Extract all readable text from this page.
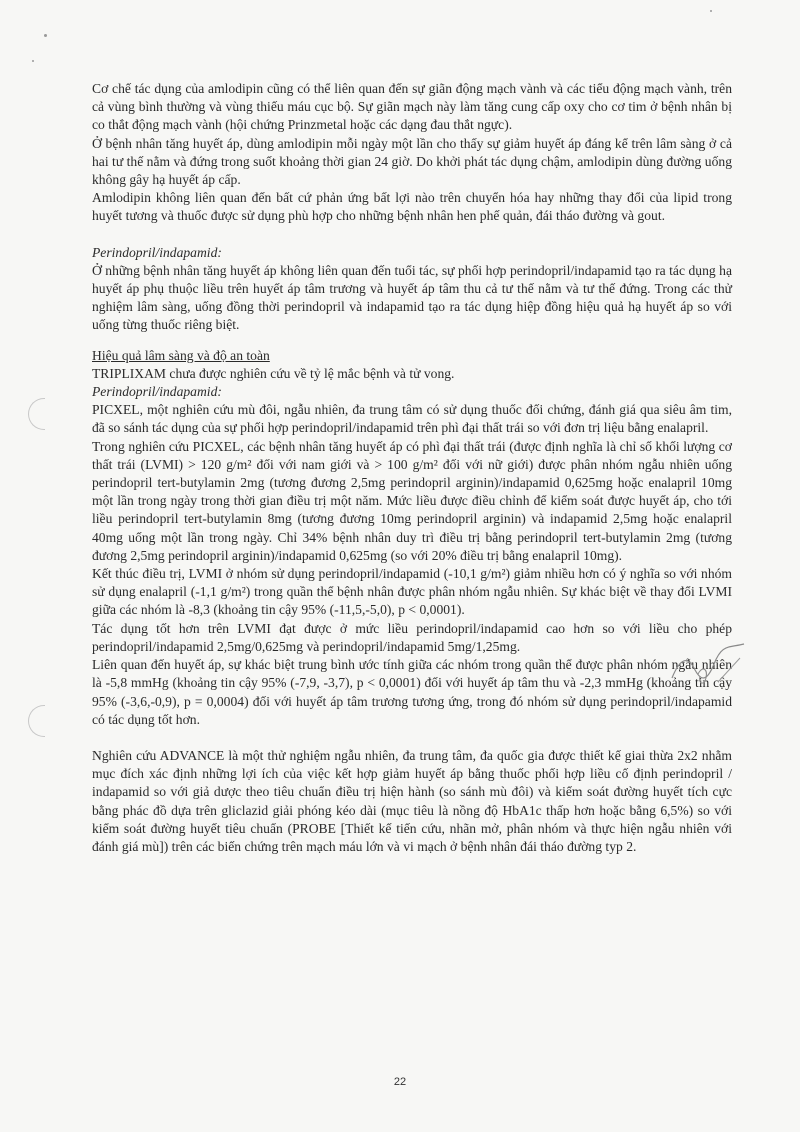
Cơ chế tác dụng của amlodipin cũng có thể liên quan đến sự giãn động mạch vành và các tiểu động mạch vành, trên cả vùng bình thường và vùng thiếu máu cục bộ. Sự giãn mạch này làm tăng cung cấp oxy cho cơ tim ở bệnh nhân bị co thắt động mạch vành (hội chứng Prinzmetal hoặc các dạng đau thắt ngực).

Ở bệnh nhân tăng huyết áp, dùng amlodipin mỗi ngày một lần cho thấy sự giảm huyết áp đáng kể trên lâm sàng ở cả hai tư thế nằm và đứng trong suốt khoảng thời gian 24 giờ. Do khởi phát tác dụng chậm, amlodipin dùng đường uống không gây hạ huyết áp cấp.

Amlodipin không liên quan đến bất cứ phản ứng bất lợi nào trên chuyển hóa hay những thay đổi của lipid trong huyết tương và thuốc được sử dụng phù hợp cho những bệnh nhân hen phế quản, đái tháo đường và gout.

Perindopril/indapamid:

Ở những bệnh nhân tăng huyết áp không liên quan đến tuổi tác, sự phối hợp perindopril/indapamid tạo ra tác dụng hạ huyết áp phụ thuộc liều trên huyết áp tâm trương và huyết áp tâm thu cả tư thế nằm và tư thế đứng. Trong các thử nghiệm lâm sàng, uống đồng thời perindopril và indapamid tạo ra tác dụng hiệp đồng hiệu quả hạ huyết áp so với uống từng thuốc riêng biệt.

Hiệu quả lâm sàng và độ an toàn

TRIPLIXAM chưa được nghiên cứu về tỷ lệ mắc bệnh và tử vong.

Perindopril/indapamid:

PICXEL, một nghiên cứu mù đôi, ngẫu nhiên, đa trung tâm có sử dụng thuốc đối chứng, đánh giá qua siêu âm tim, đã so sánh tác dụng của sự phối hợp perindopril/indapamid trên phì đại thất trái so với đơn trị liệu bằng enalapril.

Trong nghiên cứu PICXEL, các bệnh nhân tăng huyết áp có phì đại thất trái (được định nghĩa là chỉ số khối lượng cơ thất trái (LVMI) > 120 g/m² đối với nam giới và > 100 g/m² đối với nữ giới) được phân nhóm ngẫu nhiên uống perindopril tert-butylamin 2mg (tương đương 2,5mg perindopril arginin)/indapamid 0,625mg hoặc enalapril 10mg một lần trong ngày trong thời gian điều trị một năm. Mức liều được điều chỉnh để kiểm soát được huyết áp, cho tới liều perindopril tert-butylamin 8mg (tương đương 10mg perindopril arginin) và indapamid 2,5mg hoặc enalapril 40mg uống một lần trong ngày. Chỉ 34% bệnh nhân duy trì điều trị bằng perindopril tert-butylamin 2mg (tương đương 2,5mg perindopril arginin)/indapamid 0,625mg (so với 20% điều trị bằng enalapril 10mg).

Kết thúc điều trị, LVMI ở nhóm sử dụng perindopril/indapamid (-10,1 g/m²) giảm nhiều hơn có ý nghĩa so với nhóm sử dụng enalapril (-1,1 g/m²) trong quần thể bệnh nhân được phân nhóm ngẫu nhiên. Sự khác biệt về thay đổi LVMI giữa các nhóm là -8,3 (khoảng tin cậy 95% (-11,5,-5,0), p < 0,0001).

Tác dụng tốt hơn trên LVMI đạt được ở mức liều perindopril/indapamid cao hơn so với liều cho phép perindopril/indapamid 2,5mg/0,625mg và perindopril/indapamid 5mg/1,25mg.

Liên quan đến huyết áp, sự khác biệt trung bình ước tính giữa các nhóm trong quần thể được phân nhóm ngẫu nhiên là -5,8 mmHg (khoảng tin cậy 95% (-7,9, -3,7), p < 0,0001) đối với huyết áp tâm thu và -2,3 mmHg (khoảng tin cậy 95% (-3,6,-0,9), p = 0,0004) đối với huyết áp tâm trương tương ứng, trong đó nhóm sử dụng perindopril/indapamid có tác dụng tốt hơn.

Nghiên cứu ADVANCE là một thử nghiệm ngẫu nhiên, đa trung tâm, đa quốc gia được thiết kế giai thừa 2x2 nhằm mục đích xác định những lợi ích của việc kết hợp giảm huyết áp bằng thuốc phối hợp liều cố định perindopril / indapamid so với giả dược theo tiêu chuẩn điều trị hiện hành (so sánh mù đôi) và kiểm soát đường huyết tích cực bằng phác đồ dựa trên gliclazid giải phóng kéo dài (mục tiêu là nồng độ HbA1c thấp hơn hoặc bằng 6,5%) so với kiểm soát đường huyết tiêu chuẩn (PROBE [Thiết kế tiến cứu, nhãn mở, phân nhóm và thực hiện ngẫu nhiên với đánh giá mù]) trên các biến chứng trên mạch máu lớn và vi mạch ở bệnh nhân đái tháo đường typ 2.

22
